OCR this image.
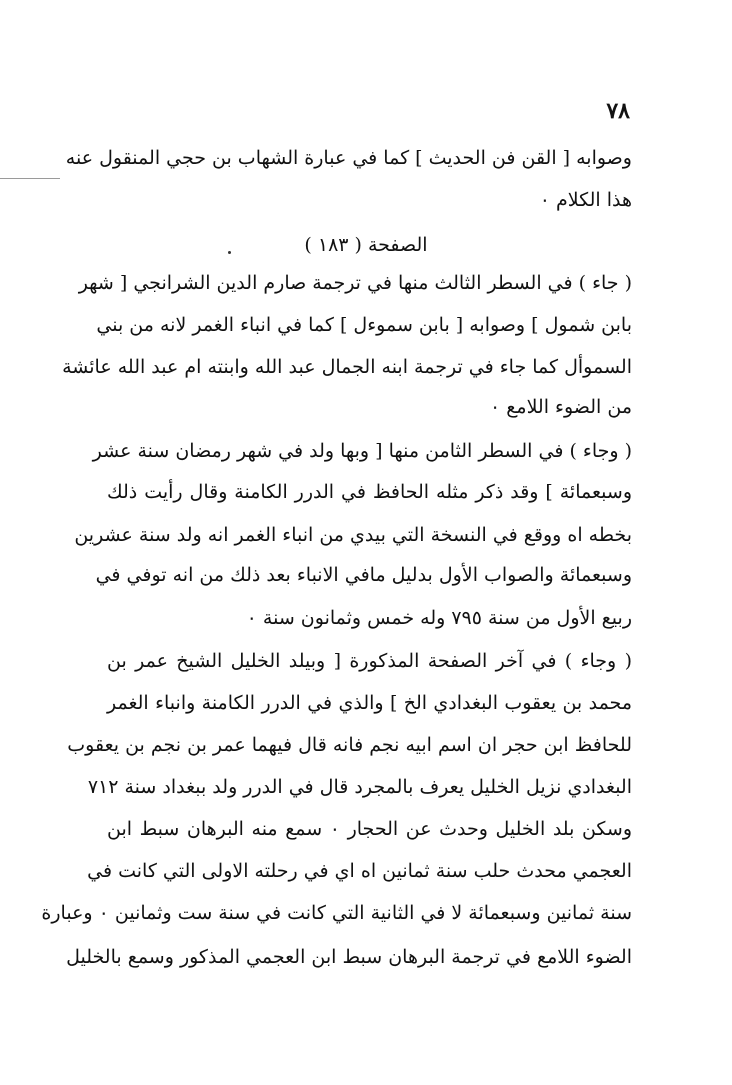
٧٨
وصوابه [ القن فن الحديث ] كما في عبارة الشهاب بن حجي المنقول عنه
هذا الكلام ٠
الصفحة ( ١٨٣ )
( جاء ) في السطر الثالث منها في ترجمة صارم الدين الشرانجي [ شهر
بابن شمول ] وصوابه [ بابن سموءل ] كما في انباء الغمر لانه من بني
السموأل كما جاء في ترجمة ابنه الجمال عبد الله وابنته ام عبد الله عائشة
من الضوء اللامع ٠
( وجاء ) في السطر الثامن منها [ وبها ولد في شهر رمضان سنة عشر
وسبعمائة ] وقد ذكر مثله الحافظ في الدرر الكامنة وقال رأيت ذلك
بخطه اه ووقع في النسخة التي بيدي من انباء الغمر انه ولد سنة عشرين
وسبعمائة والصواب الأول بدليل مافي الانباء بعد ذلك من انه توفي في
ربيع الأول من سنة ٧٩٥ وله خمس وثمانون سنة ٠
( وجاء ) في آخر الصفحة المذكورة [ وبيلد الخليل الشيخ عمر بن
محمد بن يعقوب البغدادي الخ ] والذي في الدرر الكامنة وانباء الغمر
للحافظ ابن حجر ان اسم ابيه نجم فانه قال فيهما عمر بن نجم بن يعقوب
البغدادي نزيل الخليل يعرف بالمجرد قال في الدرر ولد ببغداد سنة ٧١٢
وسكن بلد الخليل وحدث عن الحجار ٠ سمع منه البرهان سبط ابن
العجمي محدث حلب سنة ثمانين اه اي في رحلته الاولى التي كانت في
سنة ثمانين وسبعمائة لا في الثانية التي كانت في سنة ست وثمانين ٠ وعبارة
الضوء اللامع في ترجمة البرهان سبط ابن العجمي المذكور وسمع بالخليل
